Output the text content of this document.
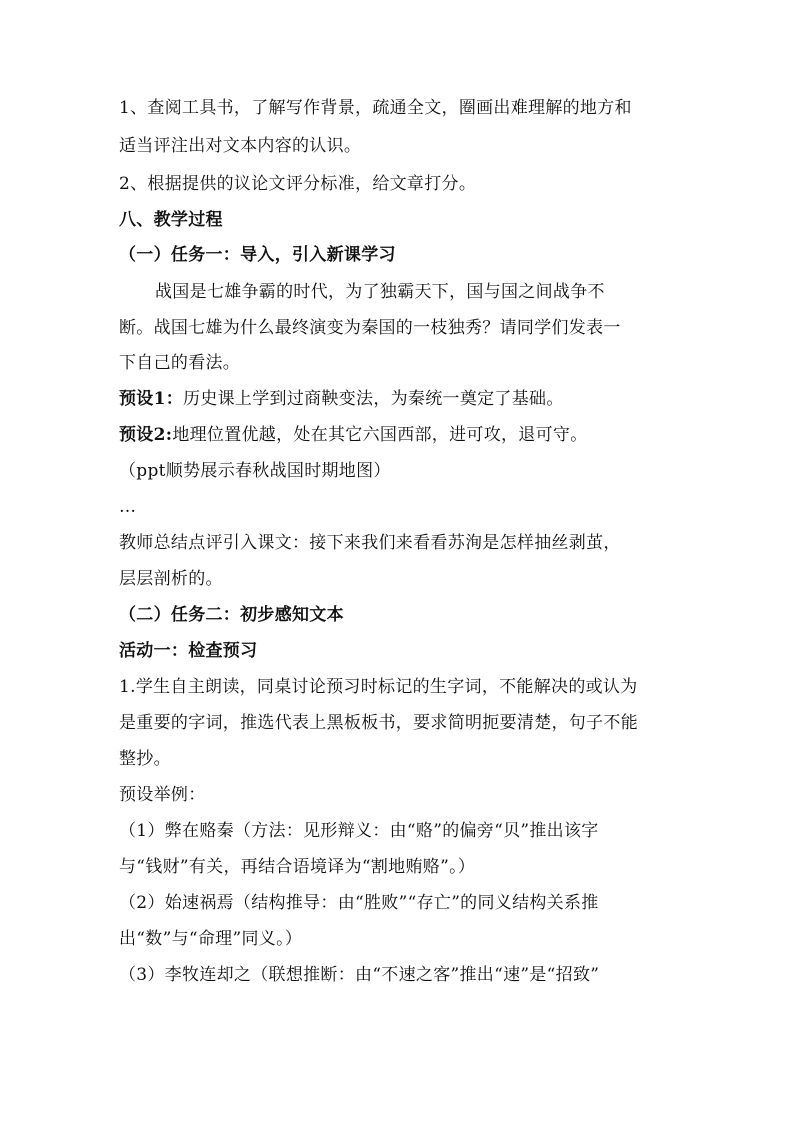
1、查阅工具书，了解写作背景，疏通全文，圈画出难理解的地方和
适当评注出对文本内容的认识。
2、根据提供的议论文评分标准，给文章打分。
八、教学过程
（一）任务一：导入，引入新课学习
战国是七雄争霸的时代，为了独霸天下，国与国之间战争不
断。战国七雄为什么最终演变为秦国的一枝独秀？请同学们发表一
下自己的看法。
预设1：历史课上学到过商鞅变法，为秦统一奠定了基础。
预设2:地理位置优越，处在其它六国西部，进可攻，退可守。
（ppt顺势展示春秋战国时期地图）
…
教师总结点评引入课文：接下来我们来看看苏洵是怎样抽丝剥茧，
层层剖析的。
（二）任务二：初步感知文本
活动一：检查预习
1.学生自主朗读，同桌讨论预习时标记的生字词，不能解决的或认为
是重要的字词，推选代表上黑板板书，要求简明扼要清楚，句子不能
整抄。
预设举例：
（1）弊在赂秦（方法：见形辩义：由“赂”的偏旁“贝”推出该字
与“钱财”有关，再结合语境译为“割地贿赂”。）
（2）始速祸焉（结构推导：由“胜败”“存亡”的同义结构关系推
出“数”与“命理”同义。）
（3）李牧连却之（联想推断：由“不速之客”推出“速”是“招致”
